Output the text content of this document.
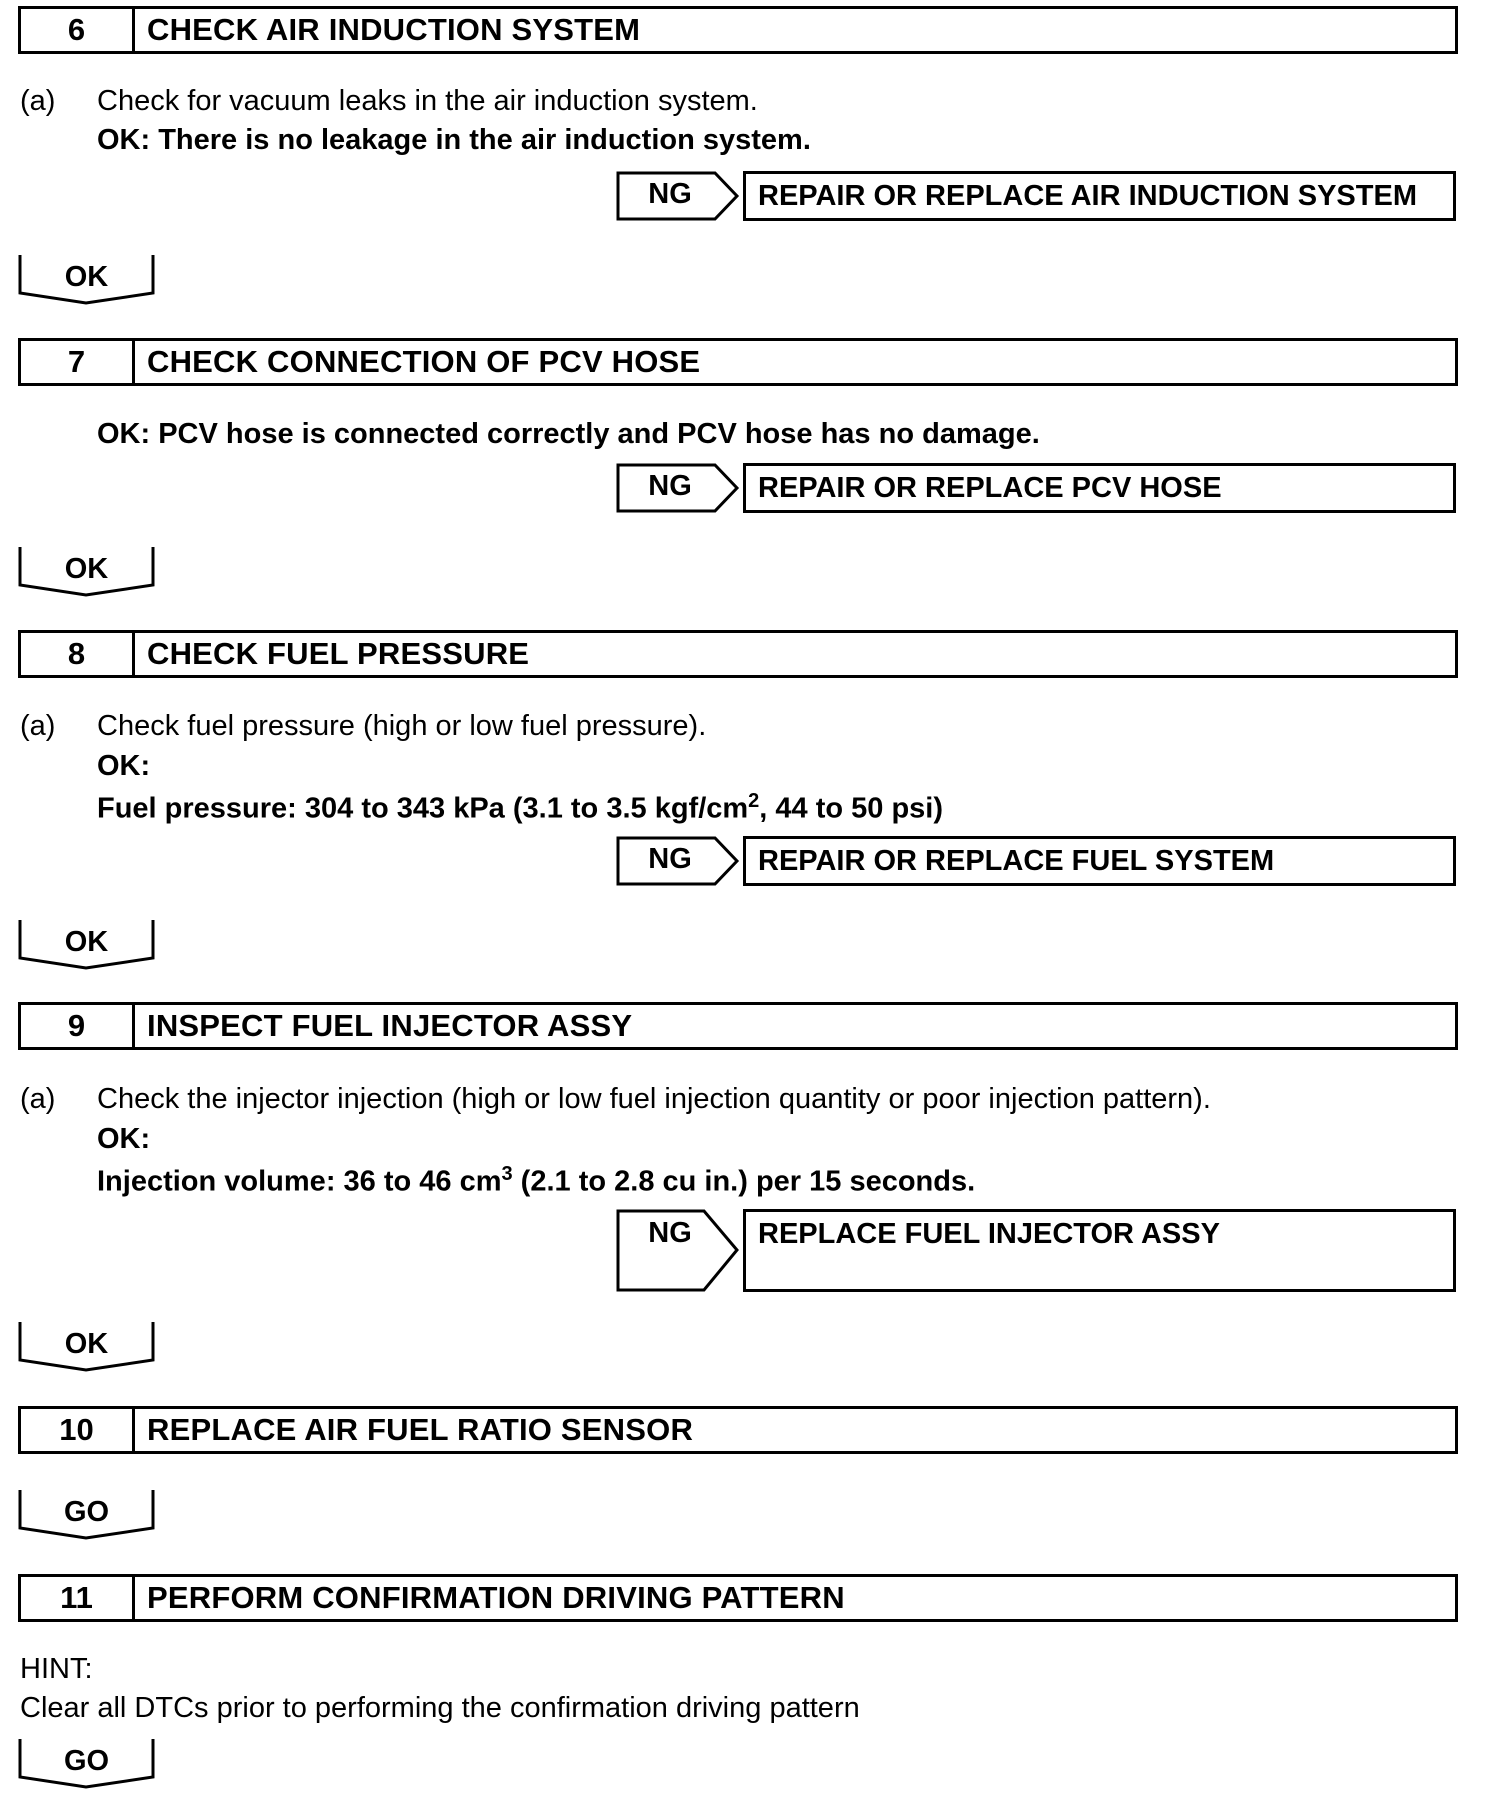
6	CHECK AIR INDUCTION SYSTEM
(a) Check for vacuum leaks in the air induction system.
OK: There is no leakage in the air induction system.
NG	REPAIR OR REPLACE AIR INDUCTION SYSTEM
OK
7	CHECK CONNECTION OF PCV HOSE
OK: PCV hose is connected correctly and PCV hose has no damage.
NG	REPAIR OR REPLACE PCV HOSE
OK
8	CHECK FUEL PRESSURE
(a) Check fuel pressure (high or low fuel pressure).
OK:
Fuel pressure: 304 to 343 kPa (3.1 to 3.5 kgf/$cm^2$, 44 to 50 psi)
NG	REPAIR OR REPLACE FUEL SYSTEM
OK
9	INSPECT FUEL INJECTOR ASSY
(a) Check the injector injection (high or low fuel injection quantity or poor injection pattern).
OK:
Injection volume: 36 to 46 $cm^3$ (2.1 to 2.8 cu in.) per 15 seconds.
NG	REPLACE FUEL INJECTOR ASSY
OK
10	REPLACE AIR FUEL RATIO SENSOR
GO
11	PERFORM CONFIRMATION DRIVING PATTERN
HINT:
Clear all DTCs prior to performing the confirmation driving pattern
GO
